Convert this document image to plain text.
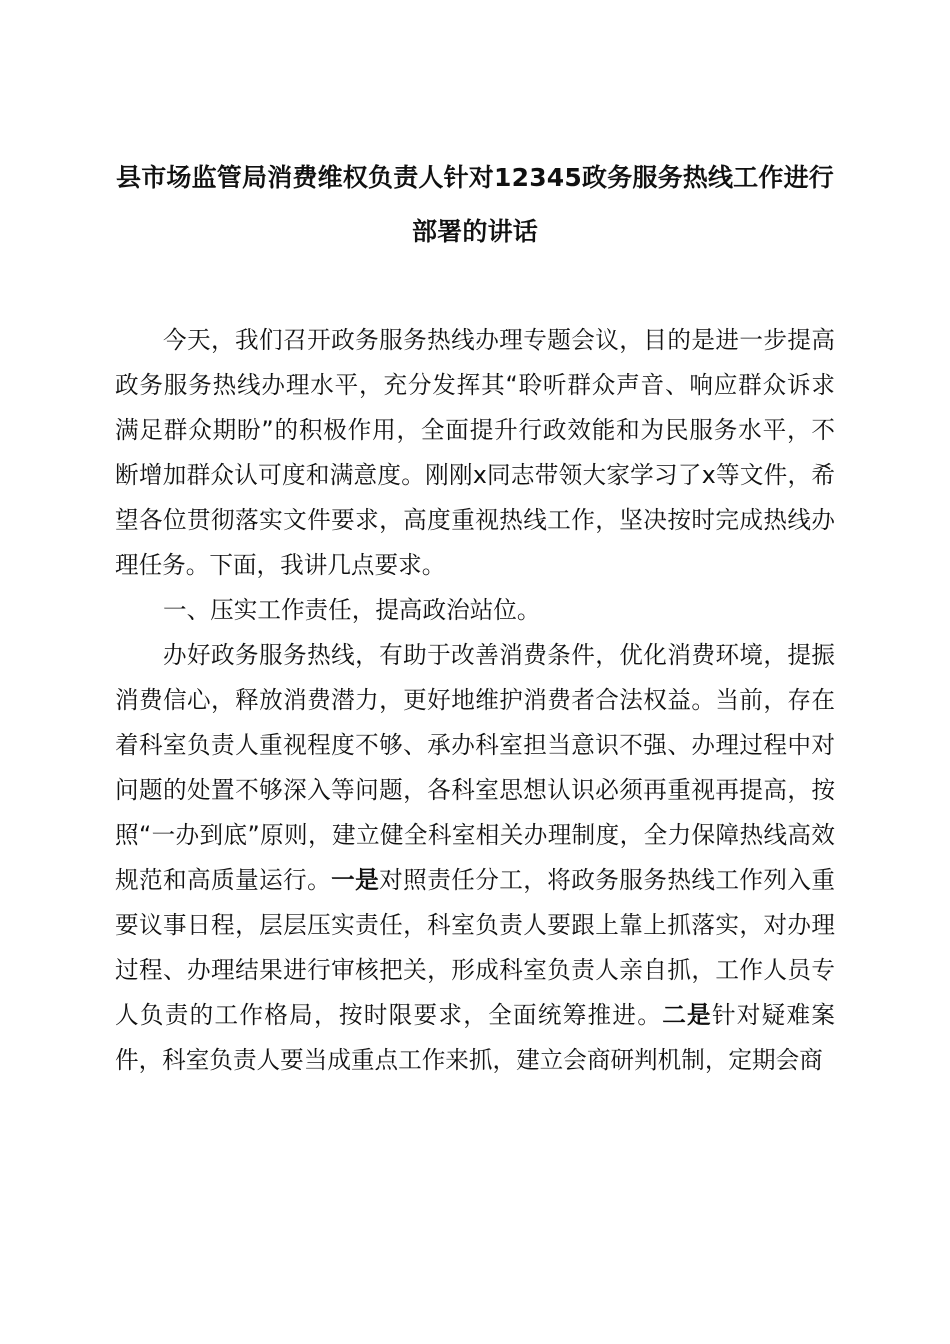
县市场监管局消费维权负责人针对12345政务服务热线工作进行部署的讲话

今天，我们召开政务服务热线办理专题会议，目的是进一步提高政务服务热线办理水平，充分发挥其“聆听群众声音、响应群众诉求满足群众期盼”的积极作用，全面提升行政效能和为民服务水平，不断增加群众认可度和满意度。刚刚x同志带领大家学习了x等文件，希望各位贯彻落实文件要求，高度重视热线工作，坚决按时完成热线办理任务。下面，我讲几点要求。

一、压实工作责任，提高政治站位。

办好政务服务热线，有助于改善消费条件，优化消费环境，提振消费信心，释放消费潜力，更好地维护消费者合法权益。当前，存在着科室负责人重视程度不够、承办科室担当意识不强、办理过程中对问题的处置不够深入等问题，各科室思想认识必须再重视再提高，按照“一办到底”原则，建立健全科室相关办理制度，全力保障热线高效规范和高质量运行。一是对照责任分工，将政务服务热线工作列入重要议事日程，层层压实责任，科室负责人要跟上靠上抓落实，对办理过程、办理结果进行审核把关，形成科室负责人亲自抓，工作人员专人负责的工作格局，按时限要求，全面统筹推进。二是针对疑难案件，科室负责人要当成重点工作来抓，建立会商研判机制，定期会商
